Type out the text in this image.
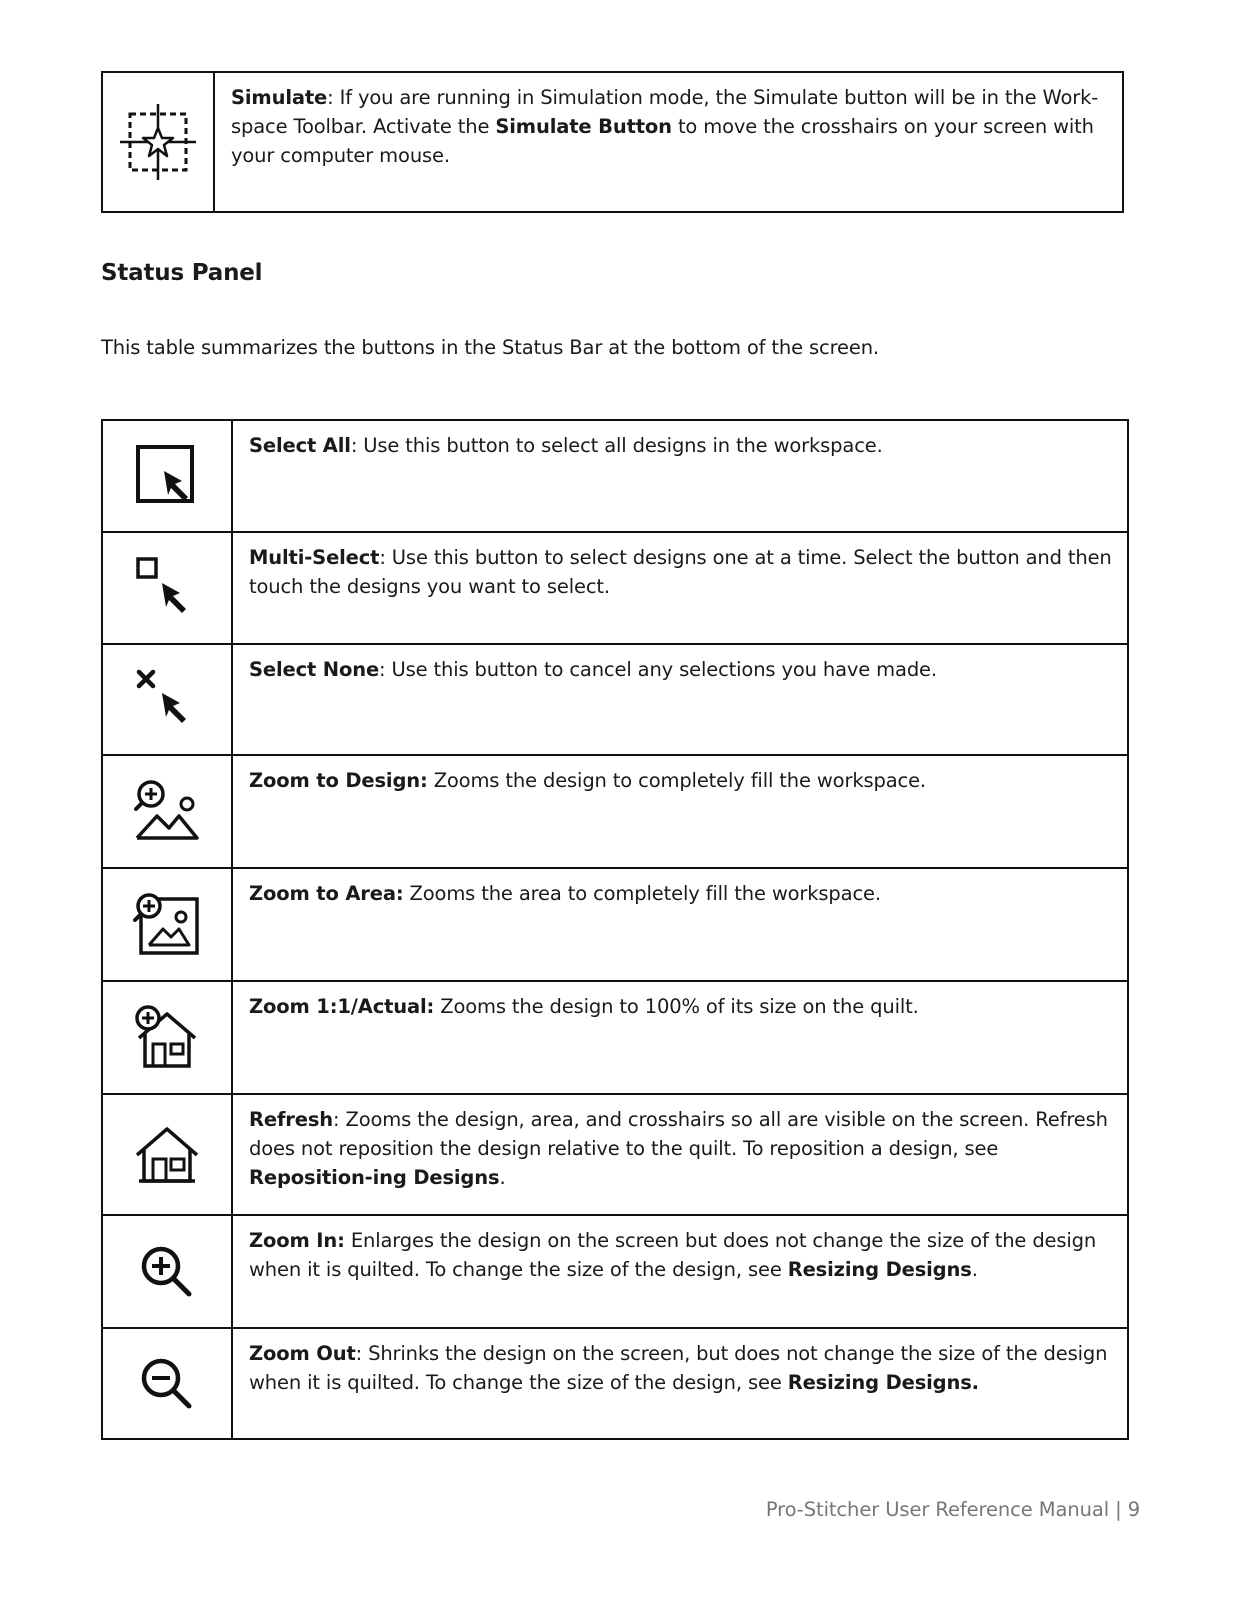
	Simulate: If you are running in Simulation mode, the Simulate button will be in the Work-space Toolbar. Activate the Simulate Button to move the crosshairs on your screen with your computer mouse.
Status Panel

This table summarizes the buttons in the Status Bar at the bottom of the screen.

	Select All: Use this button to select all designs in the workspace.
	Multi-Select: Use this button to select designs one at a time. Select the button and then touch the designs you want to select.
	Select None: Use this button to cancel any selections you have made.
	Zoom to Design: Zooms the design to completely fill the workspace.
	Zoom to Area: Zooms the area to completely fill the workspace.
	Zoom 1:1/Actual: Zooms the design to 100% of its size on the quilt.
	Refresh: Zooms the design, area, and crosshairs so all are visible on the screen. Refresh does not reposition the design relative to the quilt. To reposition a design, see Reposition-ing Designs.
	Zoom In: Enlarges the design on the screen but does not change the size of the design when it is quilted. To change the size of the design, see Resizing Designs.
	Zoom Out: Shrinks the design on the screen, but does not change the size of the design when it is quilted. To change the size of the design, see Resizing Designs.
Pro-Stitcher User Reference Manual | 9
